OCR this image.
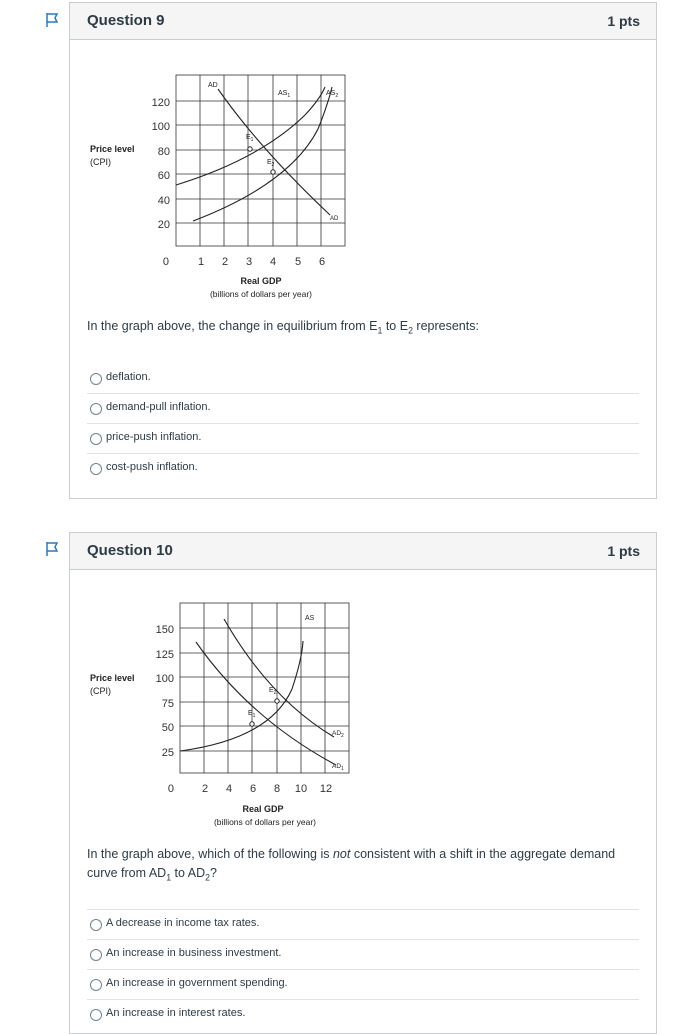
Question 9	1 pts
AD
$AS_1$	$AS_2$
AD
$E_1$
$E_2$
120
100
80
60
40
20
0	1 2 3 4 5 6
Price level
(CPI)
Real GDP
(billions of dollars per year)
In the graph above, the change in equilibrium from $E_1$ to $E_2$ represents:
deflation.
demand-pull inflation.
price-push inflation.
cost-push inflation.
Question 10	1 pts
AS
$AD_2$
$AD_1$
$E_1$
$E_2$
150
125
100
75
50
25
0	2 4 6 8 10 12
Price level
(CPI)
Real GDP
(billions of dollars per year)
In the graph above, which of the following is not consistent with a shift in the aggregate demand curve from $AD_1$ to $AD_2$?
A decrease in income tax rates.
An increase in business investment.
An increase in government spending.
An increase in interest rates.
